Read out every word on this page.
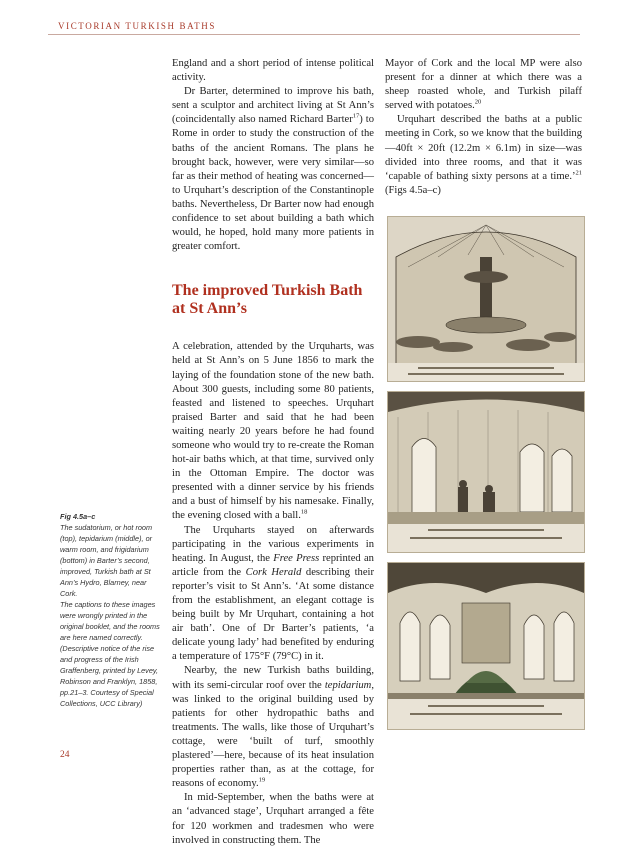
VICTORIAN TURKISH BATHS

England and a short period of intense political activity.

Dr Barter, determined to improve his bath, sent a sculptor and architect living at St Ann’s (coincidentally also named Richard Barter$^{17}$) to Rome in order to study the construction of the baths of the ancient Romans. The plans he brought back, however, were very similar—so far as their method of heating was concerned—to Urquhart’s description of the Constantinople baths. Nevertheless, Dr Barter now had enough confidence to set about building a bath which would, he hoped, hold many more patients in greater comfort.

The improved Turkish Bath at St Ann’s

A celebration, attended by the Urquharts, was held at St Ann’s on 5 June 1856 to mark the laying of the foundation stone of the new bath. About 300 guests, including some 80 patients, feasted and listened to speeches. Urquhart praised Barter and said that he had been waiting nearly 20 years before he had found someone who would try to re-create the Roman hot-air baths which, at that time, survived only in the Ottoman Empire. The doctor was presented with a dinner service by his friends and a bust of himself by his namesake. Finally, the evening closed with a ball.$^{18}$

The Urquharts stayed on afterwards participating in the various experiments in heating. In August, the Free Press reprinted an article from the Cork Herald describing their reporter’s visit to St Ann’s. ‘At some distance from the establishment, an elegant cottage is being built by Mr Urquhart, containing a hot air bath’. One of Dr Barter’s patients, ‘a delicate young lady’ had benefited by enduring a temperature of 175°F (79°C) in it.

Nearby, the new Turkish baths building, with its semi-circular roof over the tepidarium, was linked to the original building used by patients for other hydropathic baths and treatments. The walls, like those of Urquhart’s cottage, were ‘built of turf, smoothly plastered’—here, because of its heat insulation properties rather than, as at the cottage, for reasons of economy.$^{19}$

In mid-September, when the baths were at an ‘advanced stage’, Urquhart arranged a fête for 120 workmen and tradesmen who were involved in constructing them. The

Mayor of Cork and the local MP were also present for a dinner at which there was a sheep roasted whole, and Turkish pilaff served with potatoes.$^{20}$

Urquhart described the baths at a public meeting in Cork, so we know that the building—40ft × 20ft (12.2m × 6.1m) in size—was divided into three rooms, and that it was ‘capable of bathing sixty persons at a time.’$^{21}$ (Figs 4.5a–c)

Fig 4.5a–c
The sudatorium, or hot room (top), tepidarium (middle), or warm room, and frigidarium (bottom) in Barter’s second, improved, Turkish bath at St Ann’s Hydro, Blarney, near Cork.
The captions to these images were wrongly printed in the original booklet, and the rooms are here named correctly.
(Descriptive notice of the rise and progress of the Irish Graffenberg, printed by Levey, Robinson and Franklyn, 1858, pp.21–3. Courtesy of Special Collections, UCC Library)
24
